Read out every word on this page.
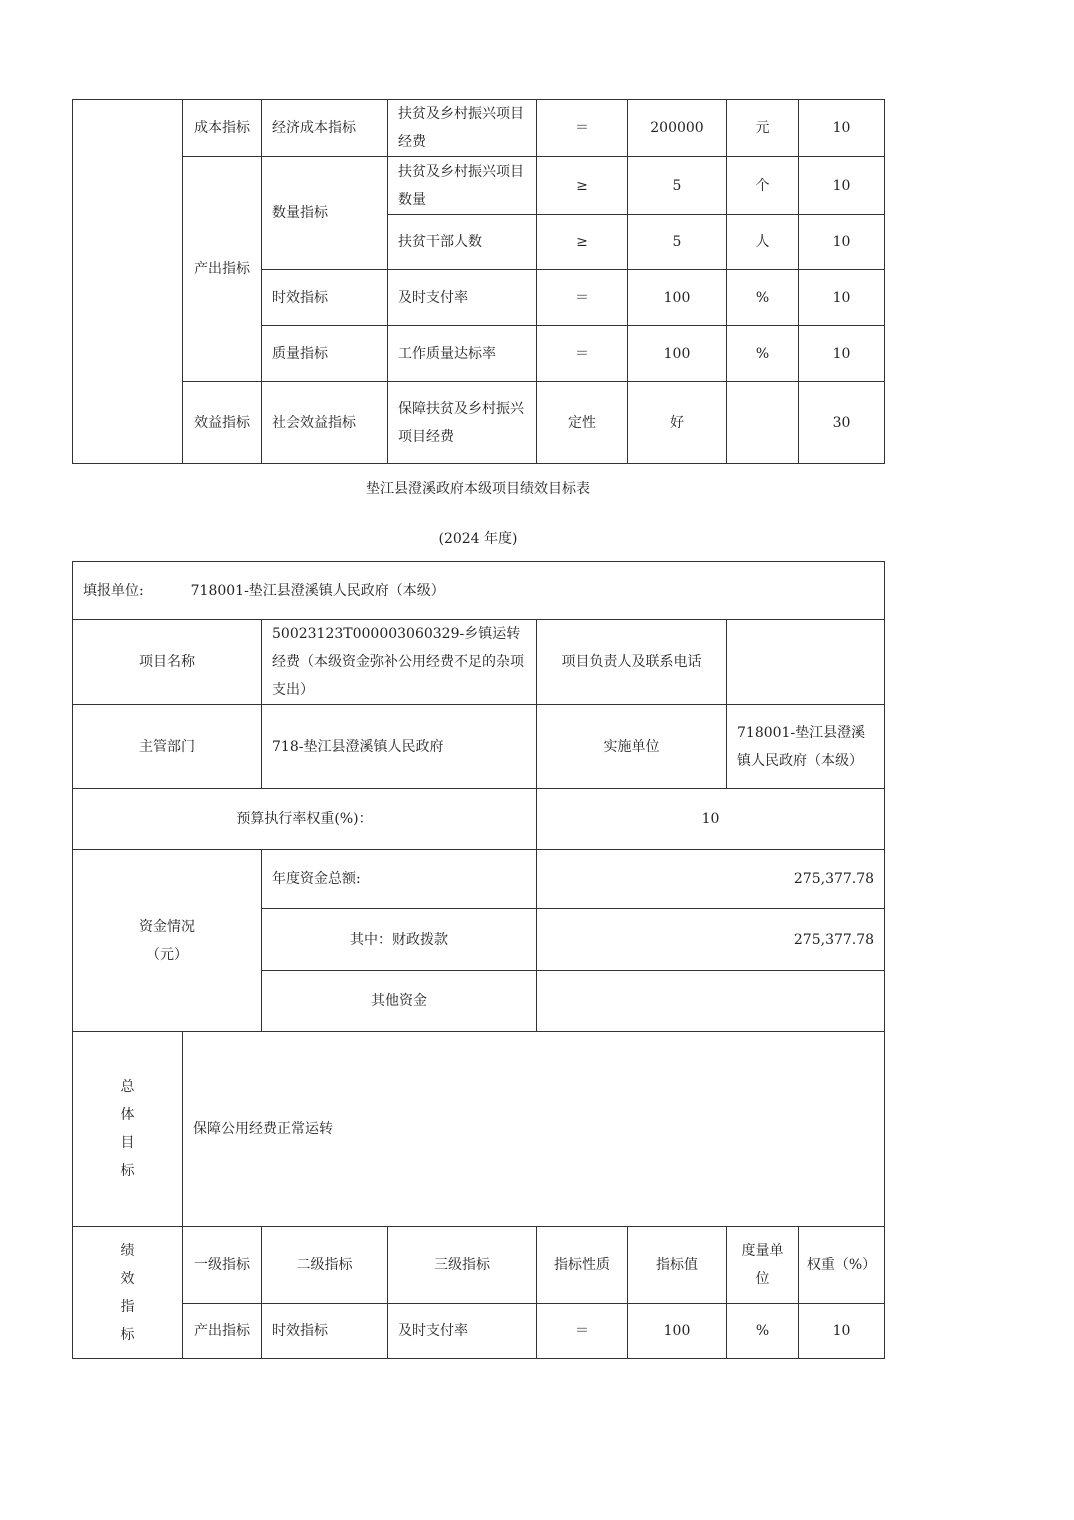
	成本指标	经济成本指标	扶贫及乡村振兴项目经费	＝	200000	元	10
	产出指标	数量指标	扶贫及乡村振兴项目数量	≥	5	个	10
			扶贫干部人数	≥	5	人	10
		时效指标	及时支付率	＝	100	%	10
		质量指标	工作质量达标率	＝	100	%	10
	效益指标	社会效益指标	保障扶贫及乡村振兴项目经费	定性	好		30
垫江县澄溪政府本级项目绩效目标表
(2024 年度)
填报单位: 718001-垫江县澄溪镇人民政府（本级）							
项目名称		50023123T000003060329-乡镇运转经费（本级资金弥补公用经费不足的杂项支出）		项目负责人及联系电话			
主管部门		718-垫江县澄溪镇人民政府		实施单位		718001-垫江县澄溪镇人民政府（本级）	
预算执行率权重(%)：				10			

资金情况
（元）		年度资金总额:		275,377.78			
		其中：财政拨款		275,377.78			
		其他资金					

总
体
目
标	保障公用经费正常运转						

绩
效
指
标	一级指标	二级指标	三级指标	指标性质	指标值	度量单位	权重（%）
	产出指标	时效指标	及时支付率	＝	100	%	10
